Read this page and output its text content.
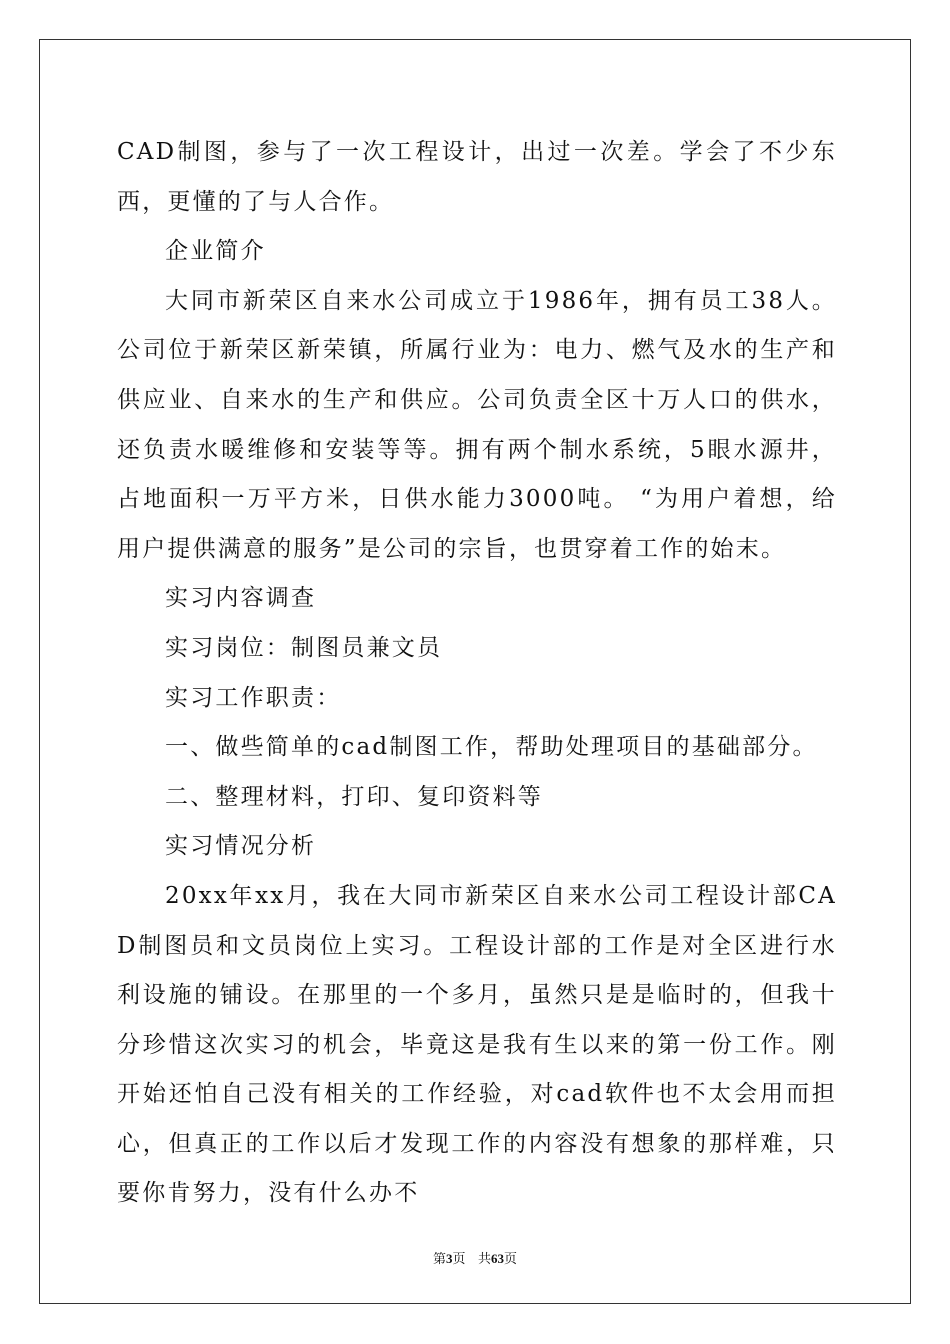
CAD制图，参与了一次工程设计，出过一次差。学会了不少东西，更懂的了与人合作。

企业简介

大同市新荣区自来水公司成立于1986年，拥有员工38人。公司位于新荣区新荣镇，所属行业为：电力、燃气及水的生产和供应业、自来水的生产和供应。公司负责全区十万人口的供水，还负责水暖维修和安装等等。拥有两个制水系统，5眼水源井，占地面积一万平方米，日供水能力3000吨。 “为用户着想，给用户提供满意的服务”是公司的宗旨，也贯穿着工作的始末。

实习内容调查

实习岗位：制图员兼文员

实习工作职责：

一、做些简单的cad制图工作，帮助处理项目的基础部分。

二、整理材料，打印、复印资料等

实习情况分析

20xx年xx月，我在大同市新荣区自来水公司工程设计部CAD制图员和文员岗位上实习。工程设计部的工作是对全区进行水利设施的铺设。在那里的一个多月，虽然只是是临时的，但我十分珍惜这次实习的机会，毕竟这是我有生以来的第一份工作。刚开始还怕自己没有相关的工作经验，对cad软件也不太会用而担心，但真正的工作以后才发现工作的内容没有想象的那样难，只要你肯努力，没有什么办不

第3页 共63页
